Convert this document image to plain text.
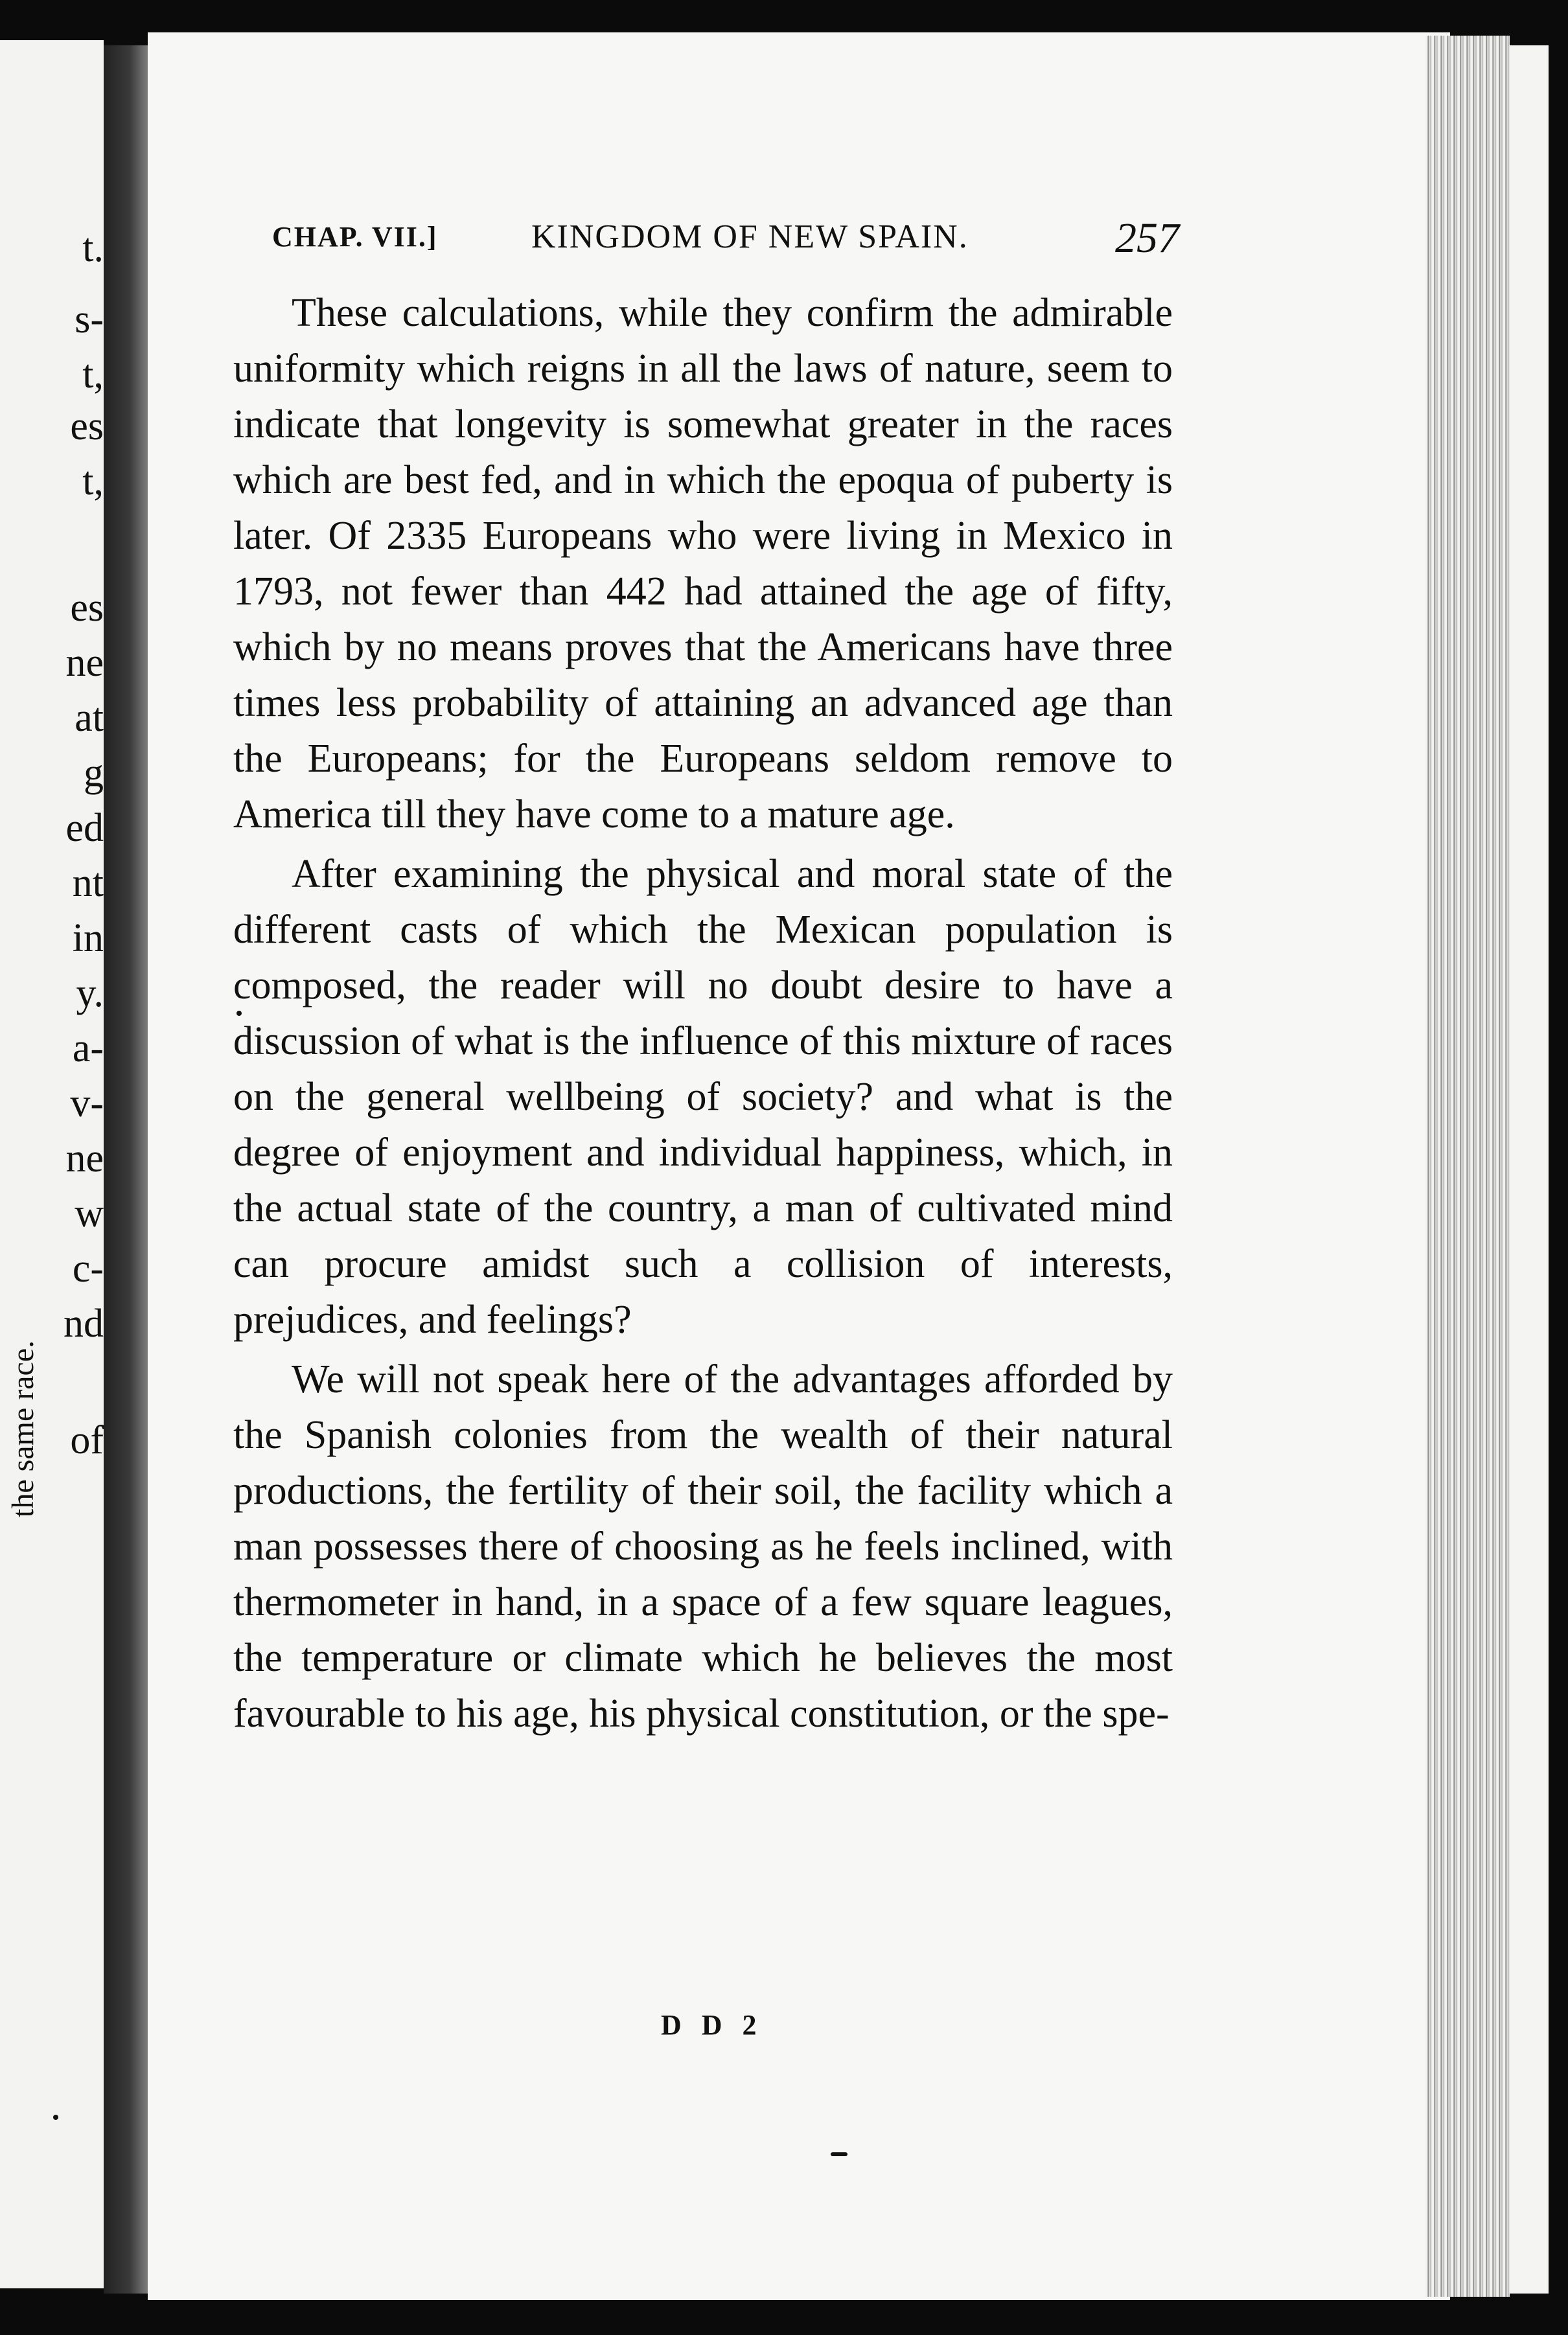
t.
s-
t,
es
t,
es
ne
at
g
ed
nt
in
y.
a-
v-
ne
w
c-
nd
of
the same race.
CHAP. VII.]	KINGDOM OF NEW SPAIN.	257

These calculations, while they confirm the admirable uniformity which reigns in all the laws of nature, seem to indicate that longevity is somewhat greater in the races which are best fed, and in which the epoqua of puberty is later. Of 2335 Europeans who were living in Mexico in 1793, not fewer than 442 had attained the age of fifty, which by no means proves that the Americans have three times less probability of attaining an advanced age than the Europeans; for the Europeans seldom remove to America till they have come to a mature age.

After examining the physical and moral state of the different casts of which the Mexican population is composed, the reader will no doubt desire to have a discussion of what is the influence of this mixture of races on the general wellbeing of society? and what is the degree of enjoyment and individual happiness, which, in the actual state of the country, a man of cultivated mind can procure amidst such a collision of interests, prejudices, and feelings?

We will not speak here of the advantages afforded by the Spanish colonies from the wealth of their natural productions, the fertility of their soil, the facility which a man possesses there of choosing as he feels inclined, with thermometer in hand, in a space of a few square leagues, the temperature or climate which he believes the most favourable to his age, his physical constitution, or the spe-

D D 2
